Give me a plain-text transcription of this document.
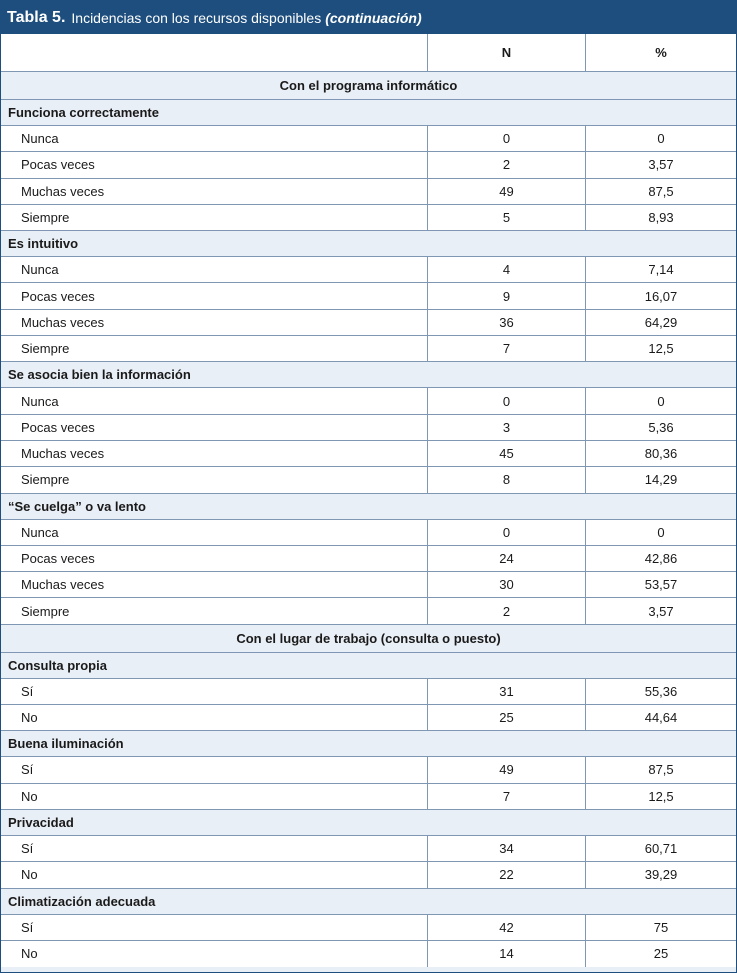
Tabla 5. Incidencias con los recursos disponibles (continuación)
N	%
Con el programa informático
Funciona correctamente
Nunca	0	0
Pocas veces	2	3,57
Muchas veces	49	87,5
Siempre	5	8,93
Es intuitivo
Nunca	4	7,14
Pocas veces	9	16,07
Muchas veces	36	64,29
Siempre	7	12,5
Se asocia bien la información
Nunca	0	0
Pocas veces	3	5,36
Muchas veces	45	80,36
Siempre	8	14,29
“Se cuelga” o va lento
Nunca	0	0
Pocas veces	24	42,86
Muchas veces	30	53,57
Siempre	2	3,57
Con el lugar de trabajo (consulta o puesto)
Consulta propia
Sí	31	55,36
No	25	44,64
Buena iluminación
Sí	49	87,5
No	7	12,5
Privacidad
Sí	34	60,71
No	22	39,29
Climatización adecuada
Sí	42	75
No	14	25
